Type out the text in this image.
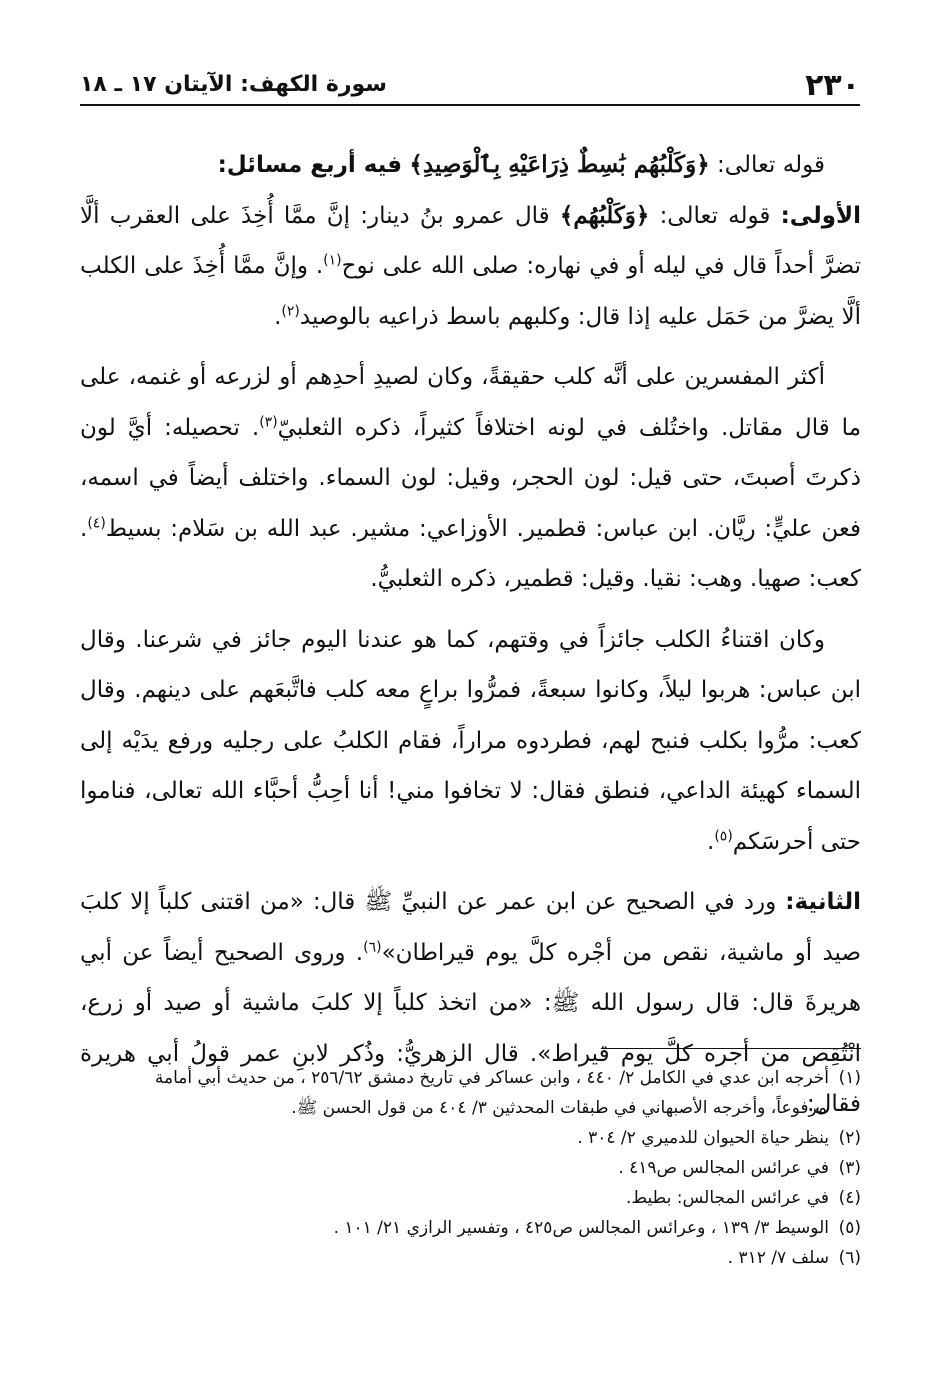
٢٣٠
سورة الكهف: الآيتان ١٧ ـ ١٨

قوله تعالى: ﴿وَكَلْبُهُم بَٰسِطٌ ذِرَاعَيْهِ بِٱلْوَصِيدِ﴾ فيه أربع مسائل:

الأولى: قوله تعالى: ﴿وَكَلْبُهُم﴾ قال عمرو بنُ دينار: إنَّ ممَّا أُخِذَ على العقرب ألَّا تضرَّ أحداً قال في ليله أو في نهاره: صلى الله على نوح$^{(١)}$. وإنَّ ممَّا أُخِذَ على الكلب ألَّا يضرَّ من حَمَل عليه إذا قال: وكلبهم باسط ذراعيه بالوصيد$^{(٢)}$.

أكثر المفسرين على أنَّه كلب حقيقةً، وكان لصيدِ أحدِهم أو لزرعه أو غنمه، على ما قال مقاتل. واختُلف في لونه اختلافاً كثيراً، ذكره الثعلبيّ$^{(٣)}$. تحصيله: أيَّ لون ذكرتَ أصبتَ، حتى قيل: لون الحجر، وقيل: لون السماء. واختلف أيضاً في اسمه، فعن عليٍّ: ريَّان. ابن عباس: قطمير. الأوزاعي: مشير. عبد الله بن سَلام: بسيط$^{(٤)}$. كعب: صهيا. وهب: نقيا. وقيل: قطمير، ذكره الثعلبيُّ.

وكان اقتناءُ الكلب جائزاً في وقتهم، كما هو عندنا اليوم جائز في شرعنا. وقال ابن عباس: هربوا ليلاً، وكانوا سبعةً، فمرُّوا براعٍ معه كلب فاتَّبعَهم على دينهم. وقال كعب: مرُّوا بكلب فنبح لهم، فطردوه مراراً، فقام الكلبُ على رجليه ورفع يدَيْه إلى السماء كهيئة الداعي، فنطق فقال: لا تخافوا مني! أنا أحِبُّ أحبَّاء الله تعالى، فناموا حتى أحرسَكم$^{(٥)}$.

الثانية: ورد في الصحيح عن ابن عمر عن النبيِّ ﷺ قال: «من اقتنى كلباً إلا كلبَ صيد أو ماشية، نقص من أجْره كلَّ يوم قيراطان»$^{(٦)}$. وروى الصحيح أيضاً عن أبي هريرةَ قال: قال رسول الله ﷺ: «من اتخذ كلباً إلا كلبَ ماشية أو صيد أو زرع، انْتُقِص من أجره كلَّ يوم قيراط». قال الزهريُّ: وذُكر لابنِ عمر قولُ أبي هريرة فقال:

(١)أخرجه ابن عدي في الكامل ٢/ ٤٤٠ ، وابن عساكر في تاريخ دمشق ٢٥٦/٦٢ ، من حديث أبي أمامة
مرفوعاً، وأخرجه الأصبهاني في طبقات المحدثين ٣/ ٤٠٤ من قول الحسن ﷺ.
(٢)ينظر حياة الحيوان للدميري ٢/ ٣٠٤ .
(٣)في عرائس المجالس ص٤١٩ .
(٤)في عرائس المجالس: بطيط.
(٥)الوسيط ٣/ ١٣٩ ، وعرائس المجالس ص٤٢٥ ، وتفسير الرازي ٢١/ ١٠١ .
(٦)سلف ٧/ ٣١٢ .
